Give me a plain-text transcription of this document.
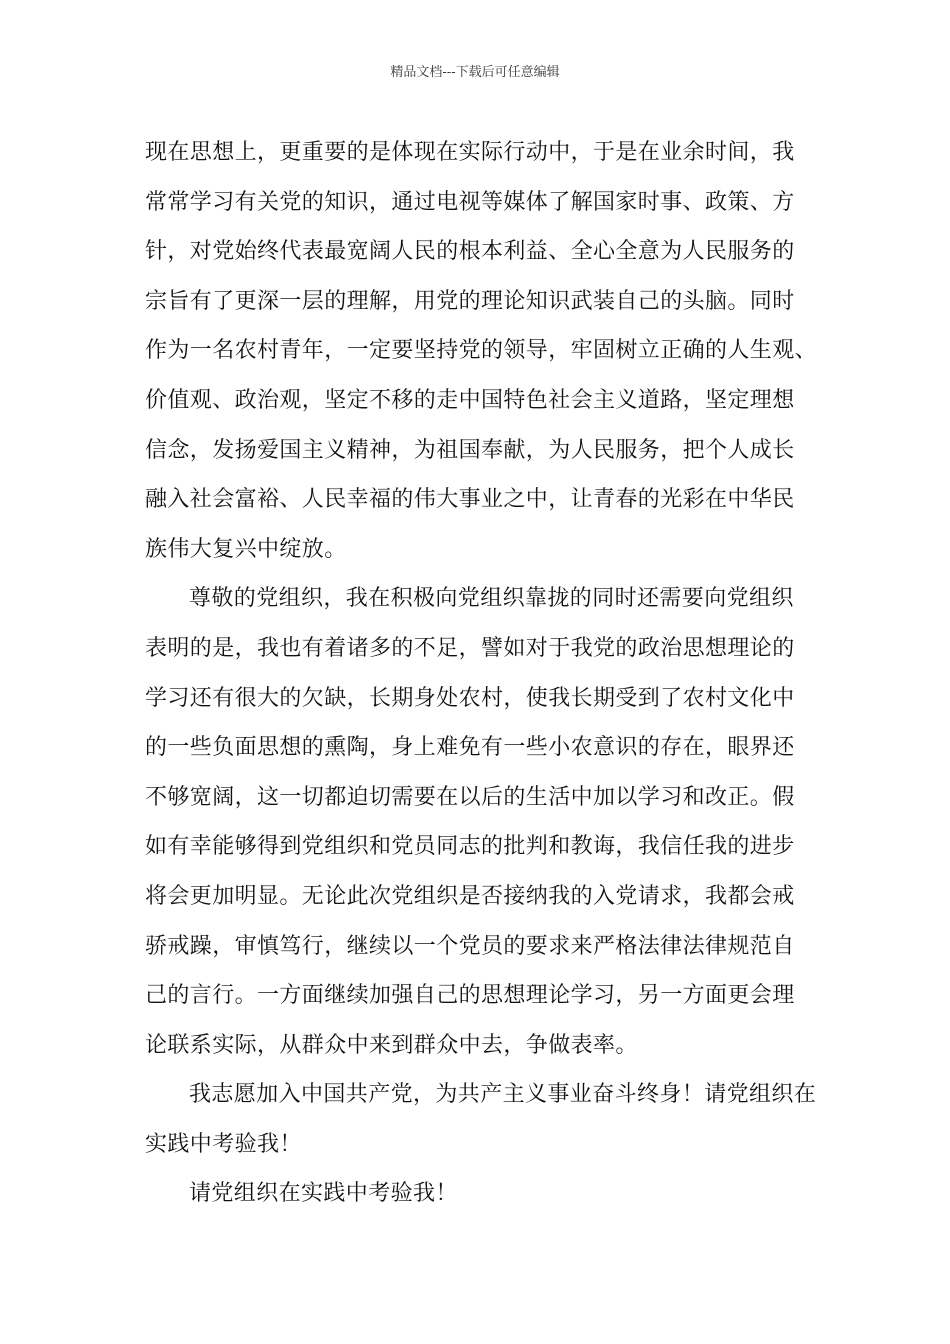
精品文档---下载后可任意编辑
现在思想上，更重要的是体现在实际行动中，于是在业余时间，我
常常学习有关党的知识，通过电视等媒体了解国家时事、政策、方
针，对党始终代表最宽阔人民的根本利益、全心全意为人民服务的
宗旨有了更深一层的理解，用党的理论知识武装自己的头脑。同时
作为一名农村青年，一定要坚持党的领导，牢固树立正确的人生观、
价值观、政治观，坚定不移的走中国特色社会主义道路，坚定理想
信念，发扬爱国主义精神，为祖国奉献，为人民服务，把个人成长
融入社会富裕、人民幸福的伟大事业之中，让青春的光彩在中华民
族伟大复兴中绽放。
尊敬的党组织，我在积极向党组织靠拢的同时还需要向党组织
表明的是，我也有着诸多的不足，譬如对于我党的政治思想理论的
学习还有很大的欠缺，长期身处农村，使我长期受到了农村文化中
的一些负面思想的熏陶，身上难免有一些小农意识的存在，眼界还
不够宽阔，这一切都迫切需要在以后的生活中加以学习和改正。假
如有幸能够得到党组织和党员同志的批判和教诲，我信任我的进步
将会更加明显。无论此次党组织是否接纳我的入党请求，我都会戒
骄戒躁，审慎笃行，继续以一个党员的要求来严格法律法律规范自
己的言行。一方面继续加强自己的思想理论学习，另一方面更会理
论联系实际，从群众中来到群众中去，争做表率。
我志愿加入中国共产党，为共产主义事业奋斗终身！请党组织在
实践中考验我！
请党组织在实践中考验我！
